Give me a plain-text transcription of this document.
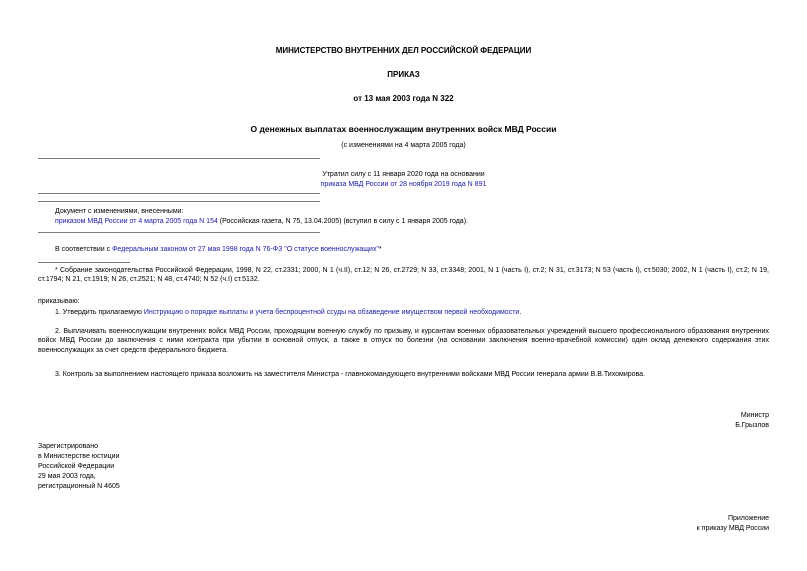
МИНИСТЕРСТВО ВНУТРЕННИХ ДЕЛ РОССИЙСКОЙ ФЕДЕРАЦИИ
ПРИКАЗ
от 13 мая 2003 года N 322
О денежных выплатах военнослужащим внутренних войск МВД России
(с изменениями на 4 марта 2005 года)
Утратил силу с 11 января 2020 года на основании
приказа МВД России от 28 ноября 2019 года N 891
Документ с изменениями, внесенными:
приказом МВД России от 4 марта 2005 года N 154 (Российская газета, N 75, 13.04.2005) (вступил в силу с 1 января 2005 года).
В соответствии с Федеральным законом от 27 мая 1998 года N 76-ФЗ "О статусе военнослужащих"*
* Собрание законодательства Российской Федерации, 1998, N 22, ст.2331; 2000, N 1 (ч.II), ст.12; N 26, ст.2729; N 33, ст.3348; 2001, N 1 (часть I), ст.2; N 31, ст.3173; N 53 (часть I), ст.5030; 2002, N 1 (часть I), ст.2; N 19, ст.1794; N 21, ст.1919; N 26, ст.2521; N 48, ст.4740; N 52 (ч.I) ст.5132.
приказываю:
1. Утвердить прилагаемую Инструкцию о порядке выплаты и учета беспроцентной ссуды на обзаведение имуществом первой необходимости.
2. Выплачивать военнослужащим внутренних войск МВД России, проходящим военную службу по призыву, и курсантам военных образовательных учреждений высшего профессионального образования внутренних войск МВД России до заключения с ними контракта при убытии в основной отпуск, а также в отпуск по болезни (на основании заключения военно-врачебной комиссии) один оклад денежного содержания этих военнослужащих за счет средств федерального бюджета.
3. Контроль за выполнением настоящего приказа возложить на заместителя Министра - главнокомандующего внутренними войсками МВД России генерала армии В.В.Тихомирова.
Министр
Б.Грызлов
Зарегистрировано
в Министерстве юстиции
Российской Федерации
29 мая 2003 года,
регистрационный N 4605
Приложение
к приказу МВД России
